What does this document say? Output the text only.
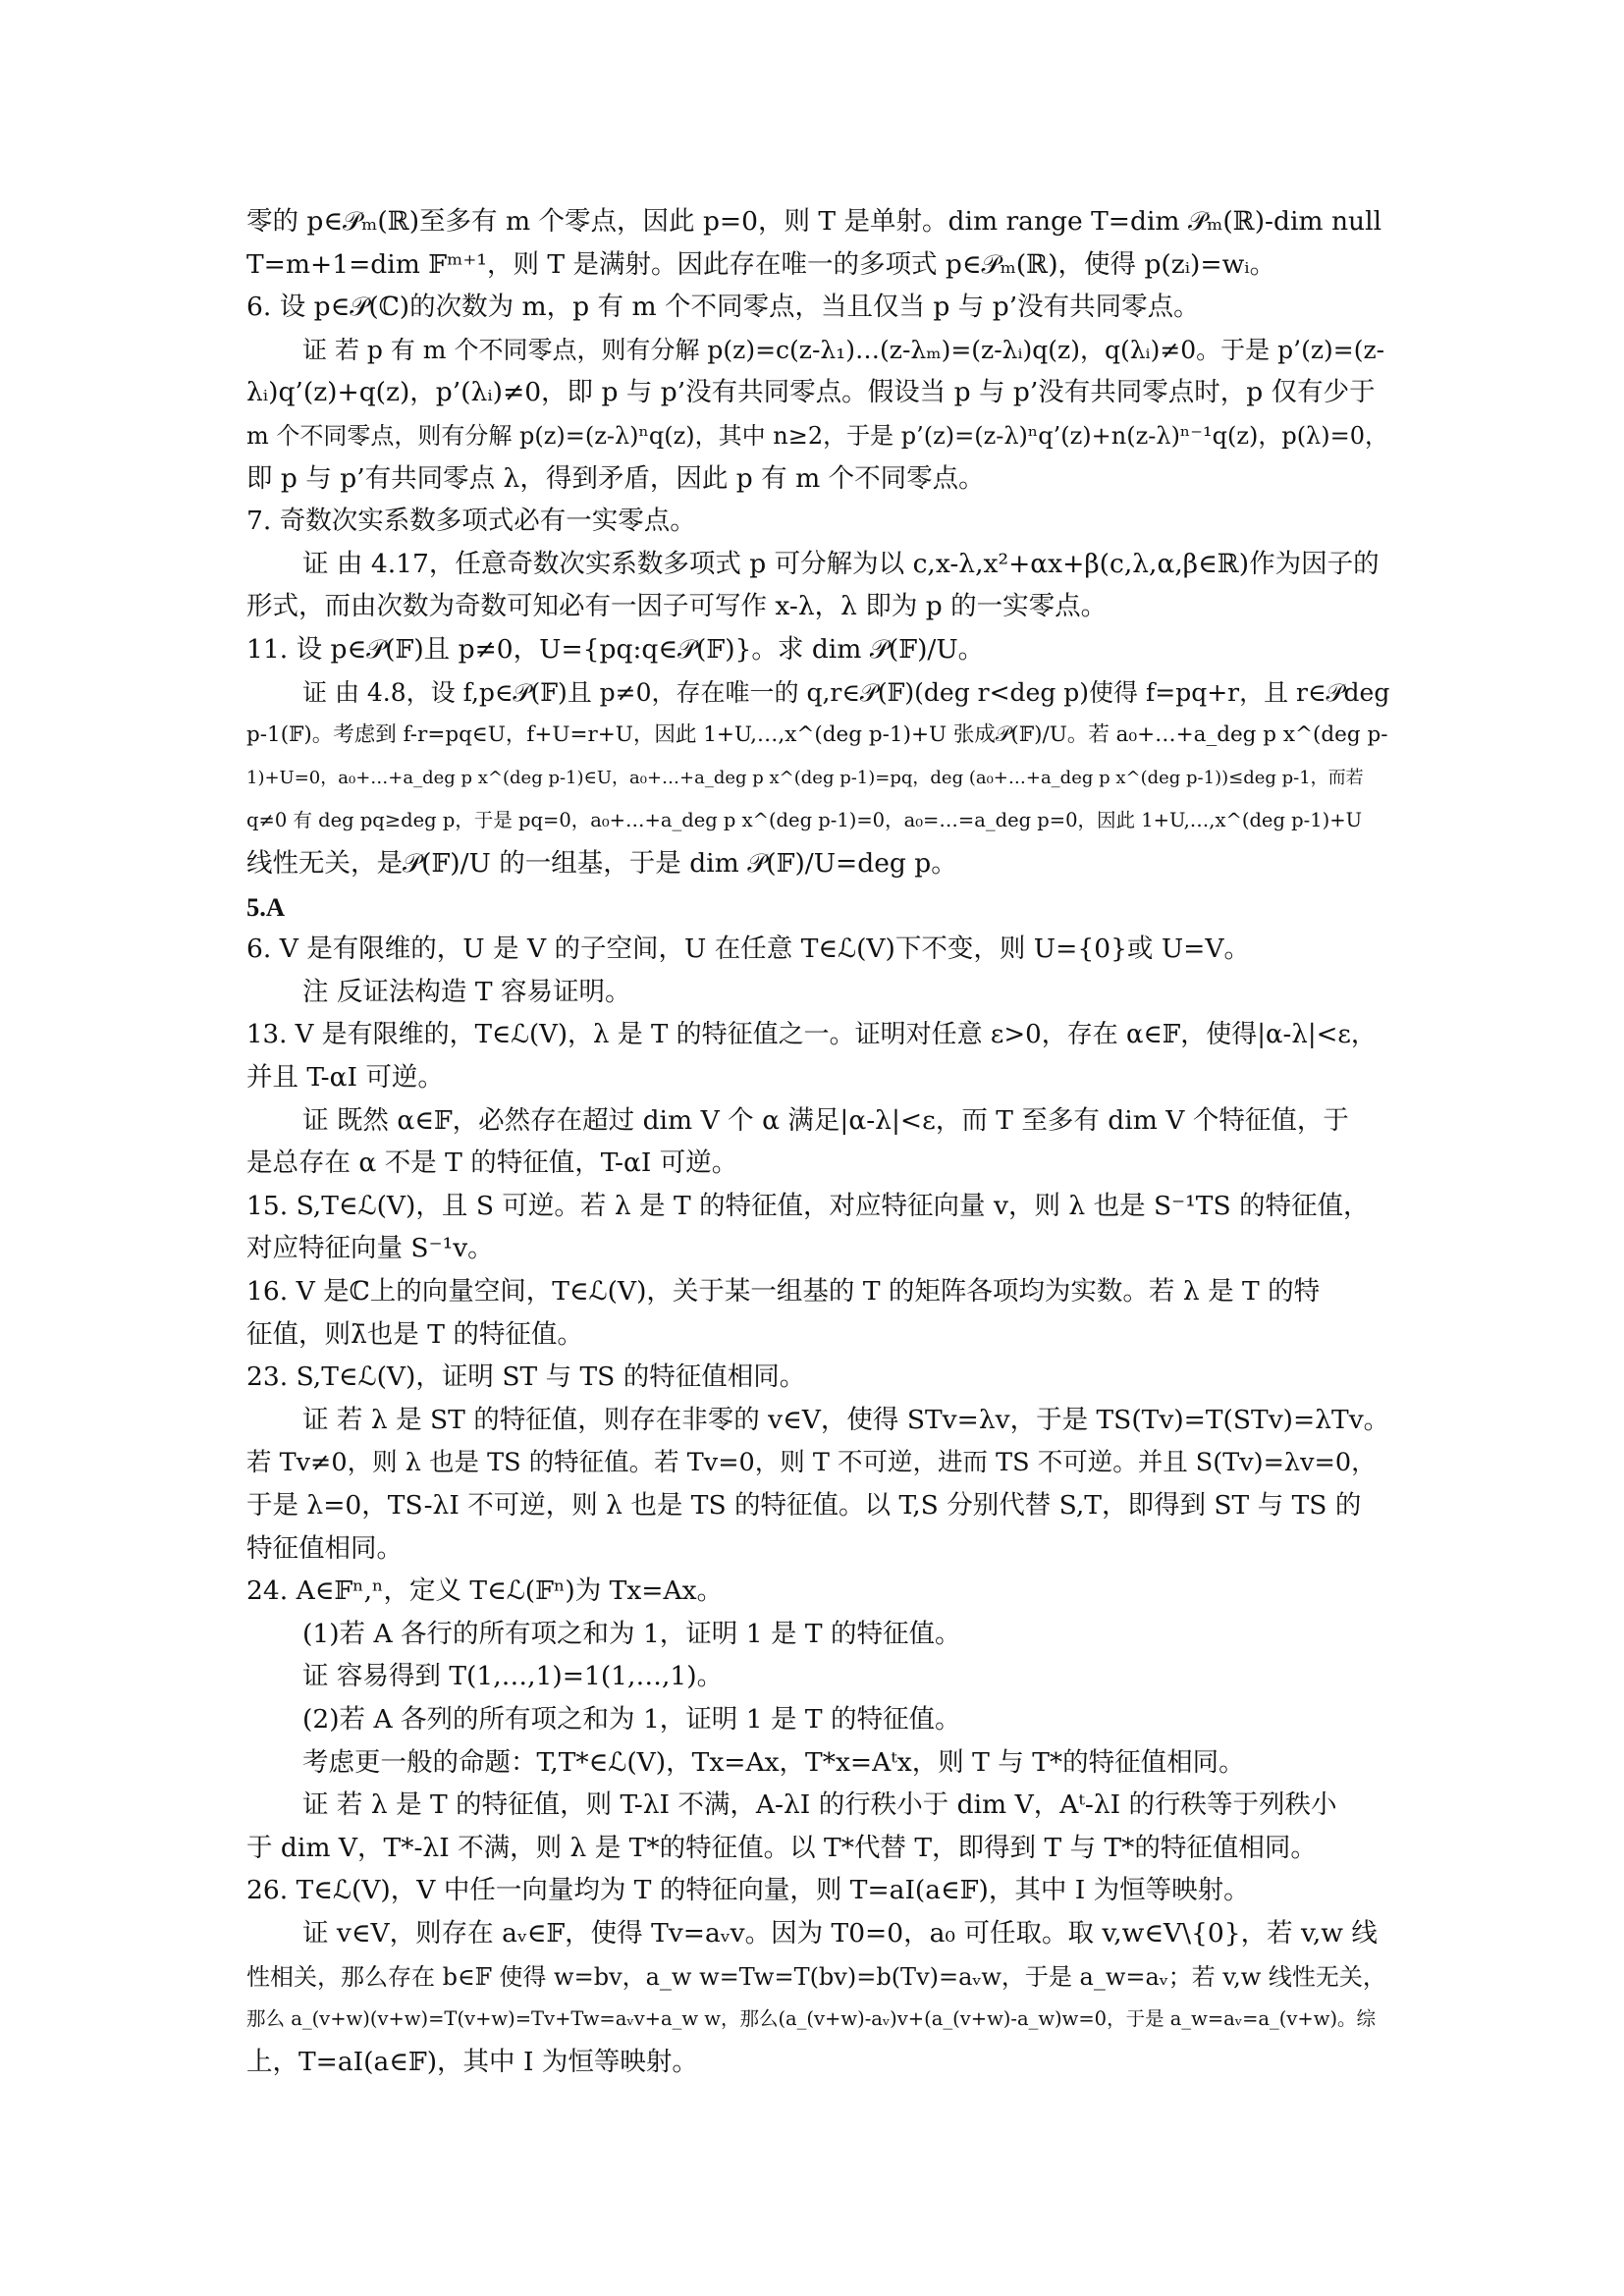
零的 p∈𝒫ₘ(ℝ)至多有 m 个零点，因此 p=0，则 T 是单射。dim range T=dim 𝒫ₘ(ℝ)-dim null
T=m+1=dim 𝔽ᵐ⁺¹，则 T 是满射。因此存在唯一的多项式 p∈𝒫ₘ(ℝ)，使得 p(zᵢ)=wᵢ。
6. 设 p∈𝒫(ℂ)的次数为 m，p 有 m 个不同零点，当且仅当 p 与 p’没有共同零点。
证 若 p 有 m 个不同零点，则有分解 p(z)=c(z-λ₁)…(z-λₘ)=(z-λᵢ)q(z)，q(λᵢ)≠0。于是 p’(z)=(z-
λᵢ)q’(z)+q(z)，p’(λᵢ)≠0，即 p 与 p’没有共同零点。假设当 p 与 p’没有共同零点时，p 仅有少于
m 个不同零点，则有分解 p(z)=(z-λ)ⁿq(z)，其中 n≥2，于是 p’(z)=(z-λ)ⁿq’(z)+n(z-λ)ⁿ⁻¹q(z)，p(λ)=0，
即 p 与 p’有共同零点 λ，得到矛盾，因此 p 有 m 个不同零点。
7. 奇数次实系数多项式必有一实零点。
证 由 4.17，任意奇数次实系数多项式 p 可分解为以 c,x-λ,x²+αx+β(c,λ,α,β∈ℝ)作为因子的
形式，而由次数为奇数可知必有一因子可写作 x-λ，λ 即为 p 的一实零点。
11. 设 p∈𝒫(𝔽)且 p≠0，U={pq:q∈𝒫(𝔽)}。求 dim 𝒫(𝔽)/U。
证 由 4.8，设 f,p∈𝒫(𝔽)且 p≠0，存在唯一的 q,r∈𝒫(𝔽)(deg r<deg p)使得 f=pq+r，且 r∈𝒫deg
p-1(𝔽)。考虑到 f-r=pq∈U，f+U=r+U，因此 1+U,…,x^(deg p-1)+U 张成𝒫(𝔽)/U。若 a₀+…+a_deg p x^(deg p-
1)+U=0，a₀+…+a_deg p x^(deg p-1)∈U，a₀+…+a_deg p x^(deg p-1)=pq，deg (a₀+…+a_deg p x^(deg p-1))≤deg p-1，而若
q≠0 有 deg pq≥deg p，于是 pq=0，a₀+…+a_deg p x^(deg p-1)=0，a₀=…=a_deg p=0，因此 1+U,…,x^(deg p-1)+U
线性无关，是𝒫(𝔽)/U 的一组基，于是 dim 𝒫(𝔽)/U=deg p。
5.A
6. V 是有限维的，U 是 V 的子空间，U 在任意 T∈ℒ(V)下不变，则 U={0}或 U=V。
注 反证法构造 T 容易证明。
13. V 是有限维的，T∈ℒ(V)，λ 是 T 的特征值之一。证明对任意 ε>0，存在 α∈𝔽，使得|α-λ|<ε，
并且 T-αI 可逆。
证 既然 α∈𝔽，必然存在超过 dim V 个 α 满足|α-λ|<ε，而 T 至多有 dim V 个特征值，于
是总存在 α 不是 T 的特征值，T-αI 可逆。
15. S,T∈ℒ(V)，且 S 可逆。若 λ 是 T 的特征值，对应特征向量 v，则 λ 也是 S⁻¹TS 的特征值，
对应特征向量 S⁻¹v。
16. V 是ℂ上的向量空间，T∈ℒ(V)，关于某一组基的 T 的矩阵各项均为实数。若 λ 是 T 的特
征值，则λ̄也是 T 的特征值。
23. S,T∈ℒ(V)，证明 ST 与 TS 的特征值相同。
证 若 λ 是 ST 的特征值，则存在非零的 v∈V，使得 STv=λv，于是 TS(Tv)=T(STv)=λTv。
若 Tv≠0，则 λ 也是 TS 的特征值。若 Tv=0，则 T 不可逆，进而 TS 不可逆。并且 S(Tv)=λv=0，
于是 λ=0，TS-λI 不可逆，则 λ 也是 TS 的特征值。以 T,S 分别代替 S,T，即得到 ST 与 TS 的
特征值相同。
24. A∈𝔽ⁿ,ⁿ，定义 T∈ℒ(𝔽ⁿ)为 Tx=Ax。
(1)若 A 各行的所有项之和为 1，证明 1 是 T 的特征值。
证 容易得到 T(1,…,1)=1(1,…,1)。
(2)若 A 各列的所有项之和为 1，证明 1 是 T 的特征值。
考虑更一般的命题：T,T*∈ℒ(V)，Tx=Ax，T*x=Aᵗx，则 T 与 T*的特征值相同。
证 若 λ 是 T 的特征值，则 T-λI 不满，A-λI 的行秩小于 dim V，Aᵗ-λI 的行秩等于列秩小
于 dim V，T*-λI 不满，则 λ 是 T*的特征值。以 T*代替 T，即得到 T 与 T*的特征值相同。
26. T∈ℒ(V)，V 中任一向量均为 T 的特征向量，则 T=aI(a∈𝔽)，其中 I 为恒等映射。
证 v∈V，则存在 aᵥ∈𝔽，使得 Tv=aᵥv。因为 T0=0，a₀ 可任取。取 v,w∈V\{0}，若 v,w 线
性相关，那么存在 b∈𝔽 使得 w=bv，a_w w=Tw=T(bv)=b(Tv)=aᵥw，于是 a_w=aᵥ；若 v,w 线性无关，
那么 a_(v+w)(v+w)=T(v+w)=Tv+Tw=aᵥv+a_w w，那么(a_(v+w)-aᵥ)v+(a_(v+w)-a_w)w=0，于是 a_w=aᵥ=a_(v+w)。综
上，T=aI(a∈𝔽)，其中 I 为恒等映射。
